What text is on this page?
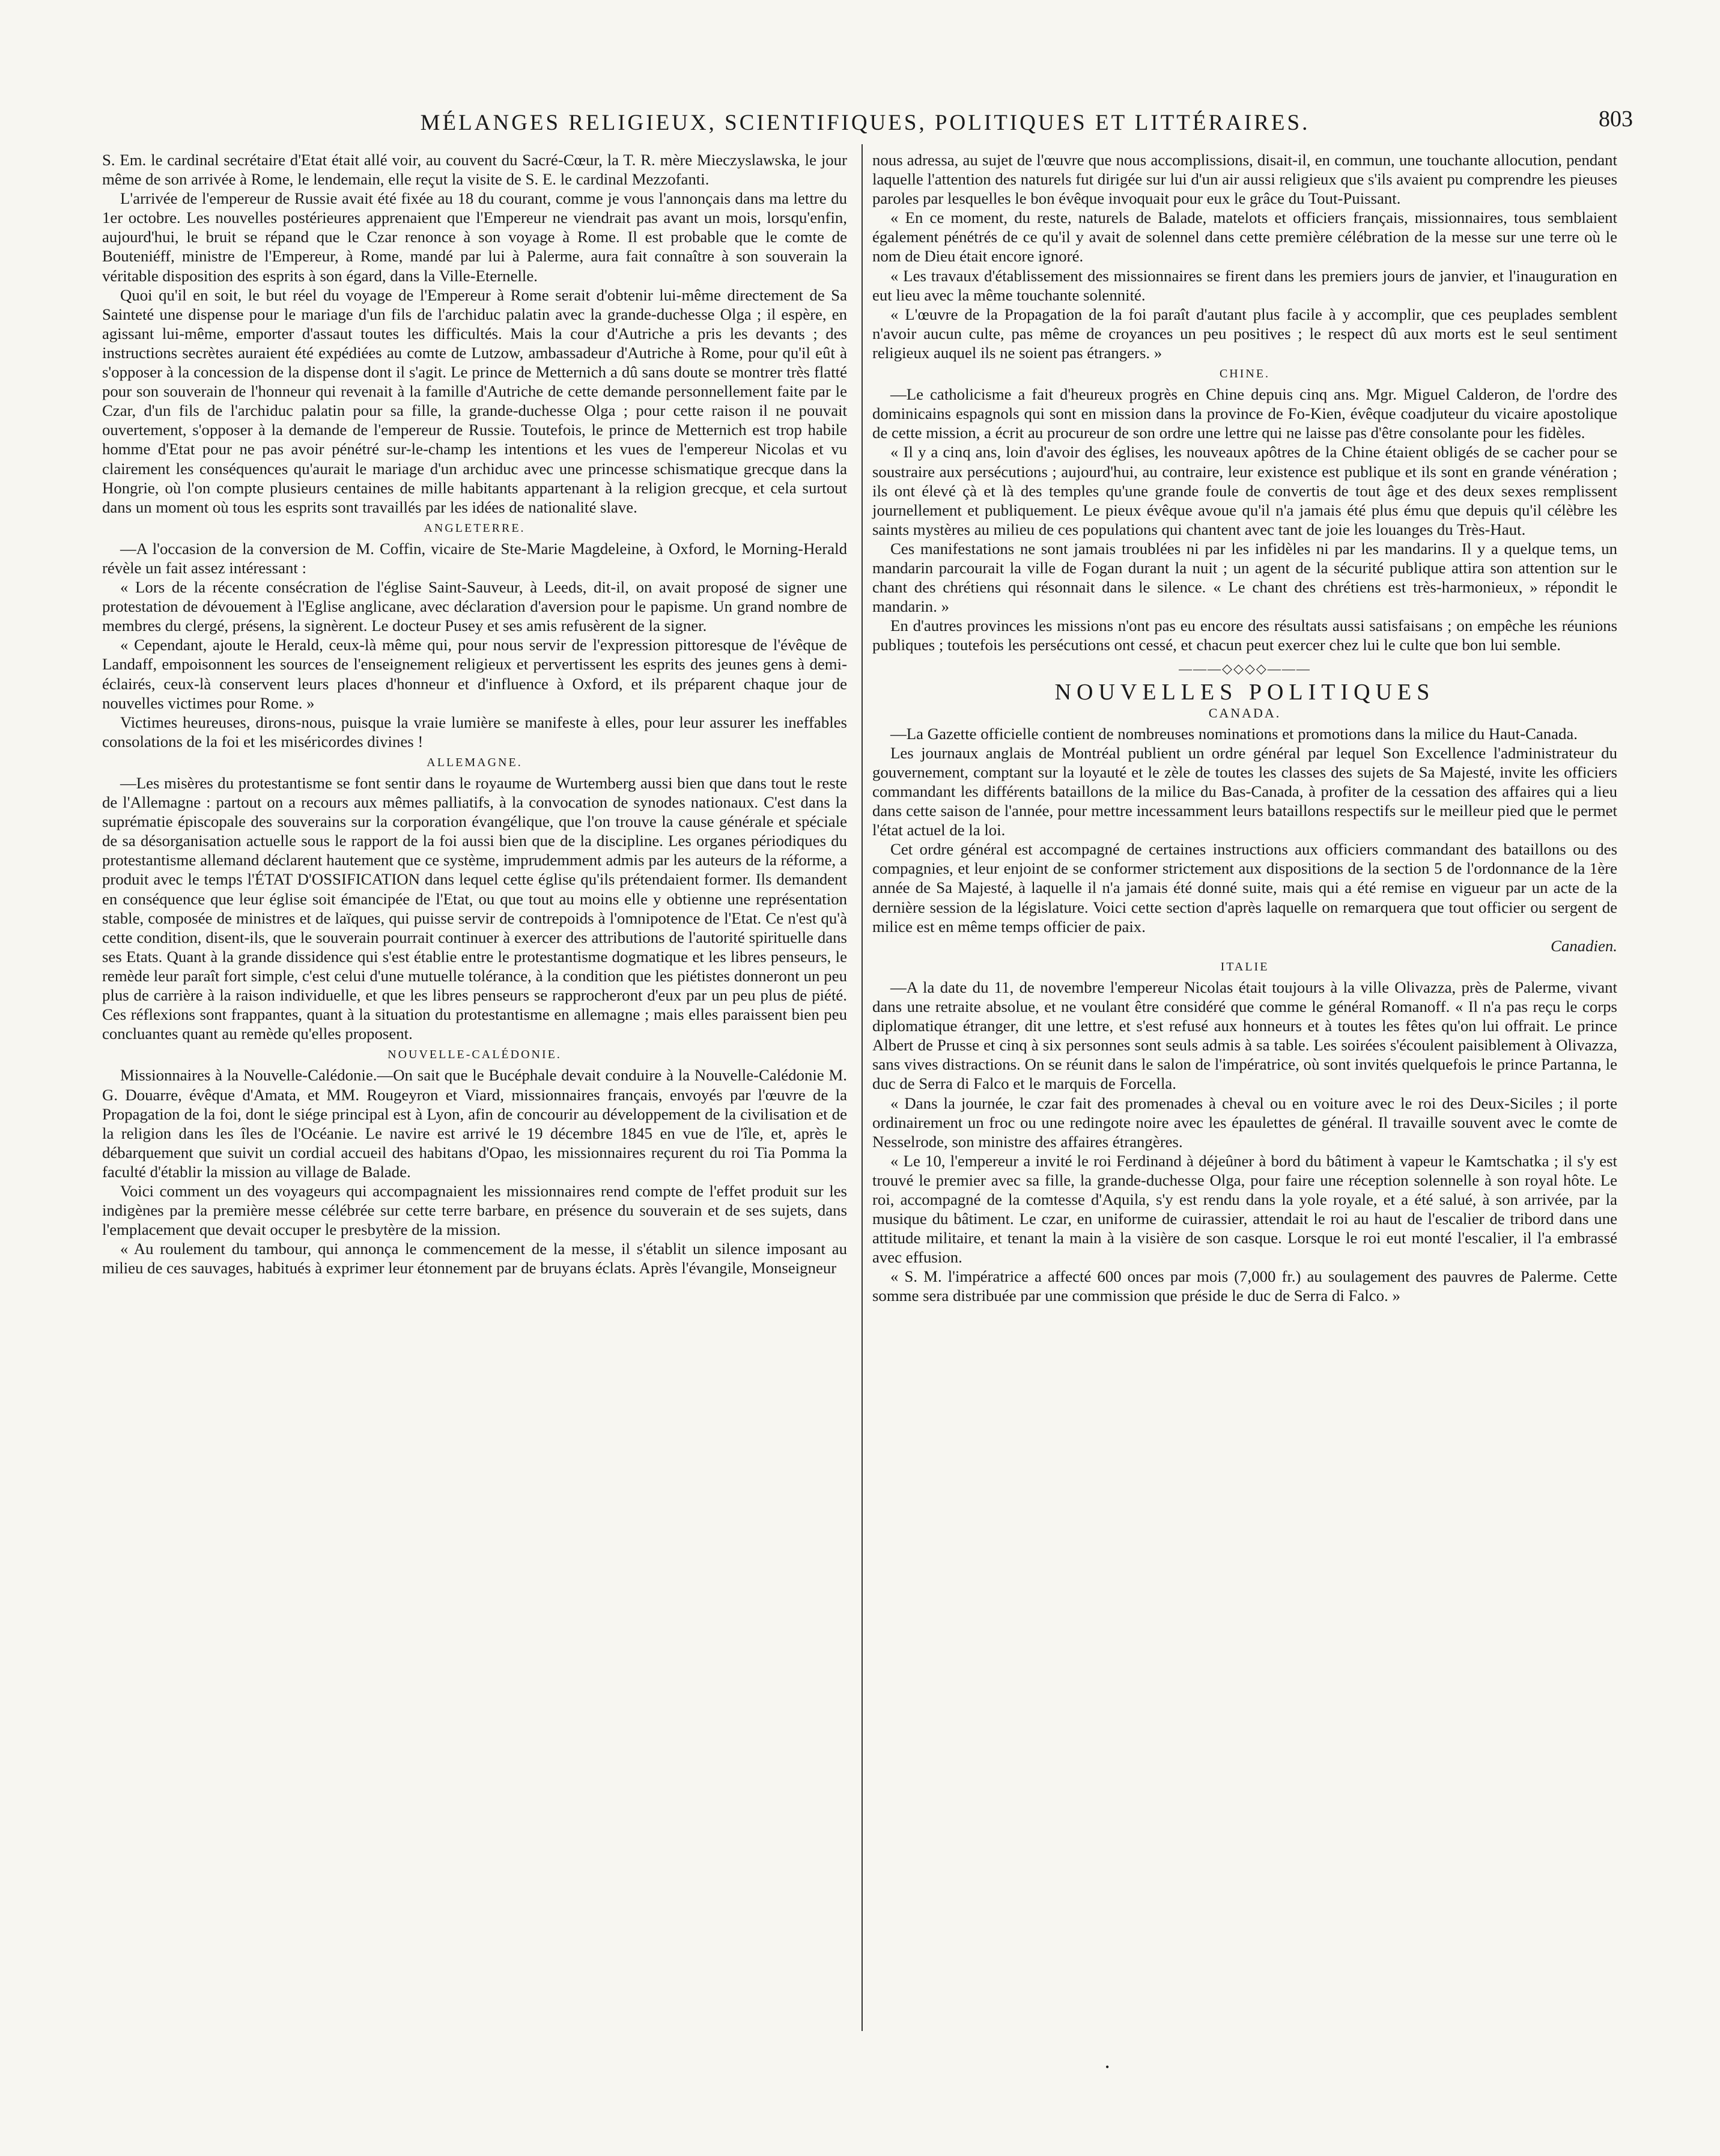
MÉLANGES RELIGIEUX, SCIENTIFIQUES, POLITIQUES ET LITTÉRAIRES.	803

S. Em. le cardinal secrétaire d'Etat était allé voir, au couvent du Sacré-Cœur, la T. R. mère Mieczyslawska, le jour même de son arrivée à Rome, le lendemain, elle reçut la visite de S. E. le cardinal Mezzofanti.

L'arrivée de l'empereur de Russie avait été fixée au 18 du courant, comme je vous l'annonçais dans ma lettre du 1er octobre. Les nouvelles postérieures apprenaient que l'Empereur ne viendrait pas avant un mois, lorsqu'enfin, aujourd'hui, le bruit se répand que le Czar renonce à son voyage à Rome. Il est probable que le comte de Bouteniéff, ministre de l'Empereur, à Rome, mandé par lui à Palerme, aura fait connaître à son souverain la véritable disposition des esprits à son égard, dans la Ville-Eternelle.

Quoi qu'il en soit, le but réel du voyage de l'Empereur à Rome serait d'obtenir lui-même directement de Sa Sainteté une dispense pour le mariage d'un fils de l'archiduc palatin avec la grande-duchesse Olga ; il espère, en agissant lui-même, emporter d'assaut toutes les difficultés. Mais la cour d'Autriche a pris les devants ; des instructions secrètes auraient été expédiées au comte de Lutzow, ambassadeur d'Autriche à Rome, pour qu'il eût à s'opposer à la concession de la dispense dont il s'agit. Le prince de Metternich a dû sans doute se montrer très flatté pour son souverain de l'honneur qui revenait à la famille d'Autriche de cette demande personnellement faite par le Czar, d'un fils de l'archiduc palatin pour sa fille, la grande-duchesse Olga ; pour cette raison il ne pouvait ouvertement, s'opposer à la demande de l'empereur de Russie. Toutefois, le prince de Metternich est trop habile homme d'Etat pour ne pas avoir pénétré sur-le-champ les intentions et les vues de l'empereur Nicolas et vu clairement les conséquences qu'aurait le mariage d'un archiduc avec une princesse schismatique grecque dans la Hongrie, où l'on compte plusieurs centaines de mille habitants appartenant à la religion grecque, et cela surtout dans un moment où tous les esprits sont travaillés par les idées de nationalité slave.

ANGLETERRE.

—A l'occasion de la conversion de M. Coffin, vicaire de Ste-Marie Magdeleine, à Oxford, le Morning-Herald révèle un fait assez intéressant :

« Lors de la récente consécration de l'église Saint-Sauveur, à Leeds, dit-il, on avait proposé de signer une protestation de dévouement à l'Eglise anglicane, avec déclaration d'aversion pour le papisme. Un grand nombre de membres du clergé, présens, la signèrent. Le docteur Pusey et ses amis refusèrent de la signer.

« Cependant, ajoute le Herald, ceux-là même qui, pour nous servir de l'expression pittoresque de l'évêque de Landaff, empoisonnent les sources de l'enseignement religieux et pervertissent les esprits des jeunes gens à demi-éclairés, ceux-là conservent leurs places d'honneur et d'influence à Oxford, et ils préparent chaque jour de nouvelles victimes pour Rome. »

Victimes heureuses, dirons-nous, puisque la vraie lumière se manifeste à elles, pour leur assurer les ineffables consolations de la foi et les miséricordes divines !

ALLEMAGNE.

—Les misères du protestantisme se font sentir dans le royaume de Wurtemberg aussi bien que dans tout le reste de l'Allemagne : partout on a recours aux mêmes palliatifs, à la convocation de synodes nationaux. C'est dans la suprématie épiscopale des souverains sur la corporation évangélique, que l'on trouve la cause générale et spéciale de sa désorganisation actuelle sous le rapport de la foi aussi bien que de la discipline. Les organes périodiques du protestantisme allemand déclarent hautement que ce système, imprudemment admis par les auteurs de la réforme, a produit avec le temps l'ÉTAT D'OSSIFICATION dans lequel cette église qu'ils prétendaient former. Ils demandent en conséquence que leur église soit émancipée de l'Etat, ou que tout au moins elle y obtienne une représentation stable, composée de ministres et de laïques, qui puisse servir de contrepoids à l'omnipotence de l'Etat. Ce n'est qu'à cette condition, disent-ils, que le souverain pourrait continuer à exercer des attributions de l'autorité spirituelle dans ses Etats. Quant à la grande dissidence qui s'est établie entre le protestantisme dogmatique et les libres penseurs, le remède leur paraît fort simple, c'est celui d'une mutuelle tolérance, à la condition que les piétistes donneront un peu plus de carrière à la raison individuelle, et que les libres penseurs se rapprocheront d'eux par un peu plus de piété. Ces réflexions sont frappantes, quant à la situation du protestantisme en allemagne ; mais elles paraissent bien peu concluantes quant au remède qu'elles proposent.

NOUVELLE-CALÉDONIE.

Missionnaires à la Nouvelle-Calédonie.—On sait que le Bucéphale devait conduire à la Nouvelle-Calédonie M. G. Douarre, évêque d'Amata, et MM. Rougeyron et Viard, missionnaires français, envoyés par l'œuvre de la Propagation de la foi, dont le siége principal est à Lyon, afin de concourir au développement de la civilisation et de la religion dans les îles de l'Océanie. Le navire est arrivé le 19 décembre 1845 en vue de l'île, et, après le débarquement que suivit un cordial accueil des habitans d'Opao, les missionnaires reçurent du roi Tia Pomma la faculté d'établir la mission au village de Balade.

Voici comment un des voyageurs qui accompagnaient les missionnaires rend compte de l'effet produit sur les indigènes par la première messe célébrée sur cette terre barbare, en présence du souverain et de ses sujets, dans l'emplacement que devait occuper le presbytère de la mission.

« Au roulement du tambour, qui annonça le commencement de la messe, il s'établit un silence imposant au milieu de ces sauvages, habitués à exprimer leur étonnement par de bruyans éclats. Après l'évangile, Monseigneur

nous adressa, au sujet de l'œuvre que nous accomplissions, disait-il, en commun, une touchante allocution, pendant laquelle l'attention des naturels fut dirigée sur lui d'un air aussi religieux que s'ils avaient pu comprendre les pieuses paroles par lesquelles le bon évêque invoquait pour eux le grâce du Tout-Puissant.

« En ce moment, du reste, naturels de Balade, matelots et officiers français, missionnaires, tous semblaient également pénétrés de ce qu'il y avait de solennel dans cette première célébration de la messe sur une terre où le nom de Dieu était encore ignoré.

« Les travaux d'établissement des missionnaires se firent dans les premiers jours de janvier, et l'inauguration en eut lieu avec la même touchante solennité.

« L'œuvre de la Propagation de la foi paraît d'autant plus facile à y accomplir, que ces peuplades semblent n'avoir aucun culte, pas même de croyances un peu positives ; le respect dû aux morts est le seul sentiment religieux auquel ils ne soient pas étrangers. »

CHINE.

—Le catholicisme a fait d'heureux progrès en Chine depuis cinq ans. Mgr. Miguel Calderon, de l'ordre des dominicains espagnols qui sont en mission dans la province de Fo-Kien, évêque coadjuteur du vicaire apostolique de cette mission, a écrit au procureur de son ordre une lettre qui ne laisse pas d'être consolante pour les fidèles.

« Il y a cinq ans, loin d'avoir des églises, les nouveaux apôtres de la Chine étaient obligés de se cacher pour se soustraire aux persécutions ; aujourd'hui, au contraire, leur existence est publique et ils sont en grande vénération ; ils ont élevé çà et là des temples qu'une grande foule de convertis de tout âge et des deux sexes remplissent journellement et publiquement. Le pieux évêque avoue qu'il n'a jamais été plus ému que depuis qu'il célèbre les saints mystères au milieu de ces populations qui chantent avec tant de joie les louanges du Très-Haut.

Ces manifestations ne sont jamais troublées ni par les infidèles ni par les mandarins. Il y a quelque tems, un mandarin parcourait la ville de Fogan durant la nuit ; un agent de la sécurité publique attira son attention sur le chant des chrétiens qui résonnait dans le silence. « Le chant des chrétiens est très-harmonieux, » répondit le mandarin. »

En d'autres provinces les missions n'ont pas eu encore des résultats aussi satisfaisans ; on empêche les réunions publiques ; toutefois les persécutions ont cessé, et chacun peut exercer chez lui le culte que bon lui semble.

———◇◇◇◇———
NOUVELLES POLITIQUES
CANADA.

—La Gazette officielle contient de nombreuses nominations et promotions dans la milice du Haut-Canada.

Les journaux anglais de Montréal publient un ordre général par lequel Son Excellence l'administrateur du gouvernement, comptant sur la loyauté et le zèle de toutes les classes des sujets de Sa Majesté, invite les officiers commandant les différents bataillons de la milice du Bas-Canada, à profiter de la cessation des affaires qui a lieu dans cette saison de l'année, pour mettre incessamment leurs bataillons respectifs sur le meilleur pied que le permet l'état actuel de la loi.

Cet ordre général est accompagné de certaines instructions aux officiers commandant des bataillons ou des compagnies, et leur enjoint de se conformer strictement aux dispositions de la section 5 de l'ordonnance de la 1ère année de Sa Majesté, à laquelle il n'a jamais été donné suite, mais qui a été remise en vigueur par un acte de la dernière session de la législature. Voici cette section d'après laquelle on remarquera que tout officier ou sergent de milice est en même temps officier de paix.

Canadien.

ITALIE

—A la date du 11, de novembre l'empereur Nicolas était toujours à la ville Olivazza, près de Palerme, vivant dans une retraite absolue, et ne voulant être considéré que comme le général Romanoff. « Il n'a pas reçu le corps diplomatique étranger, dit une lettre, et s'est refusé aux honneurs et à toutes les fêtes qu'on lui offrait. Le prince Albert de Prusse et cinq à six personnes sont seuls admis à sa table. Les soirées s'écoulent paisiblement à Olivazza, sans vives distractions. On se réunit dans le salon de l'impératrice, où sont invités quelquefois le prince Partanna, le duc de Serra di Falco et le marquis de Forcella.

« Dans la journée, le czar fait des promenades à cheval ou en voiture avec le roi des Deux-Siciles ; il porte ordinairement un froc ou une redingote noire avec les épaulettes de général. Il travaille souvent avec le comte de Nesselrode, son ministre des affaires étrangères.

« Le 10, l'empereur a invité le roi Ferdinand à déjeûner à bord du bâtiment à vapeur le Kamtschatka ; il s'y est trouvé le premier avec sa fille, la grande-duchesse Olga, pour faire une réception solennelle à son royal hôte. Le roi, accompagné de la comtesse d'Aquila, s'y est rendu dans la yole royale, et a été salué, à son arrivée, par la musique du bâtiment. Le czar, en uniforme de cuirassier, attendait le roi au haut de l'escalier de tribord dans une attitude militaire, et tenant la main à la visière de son casque. Lorsque le roi eut monté l'escalier, il l'a embrassé avec effusion.

« S. M. l'impératrice a affecté 600 onces par mois (7,000 fr.) au soulagement des pauvres de Palerme. Cette somme sera distribuée par une commission que préside le duc de Serra di Falco. »

•
